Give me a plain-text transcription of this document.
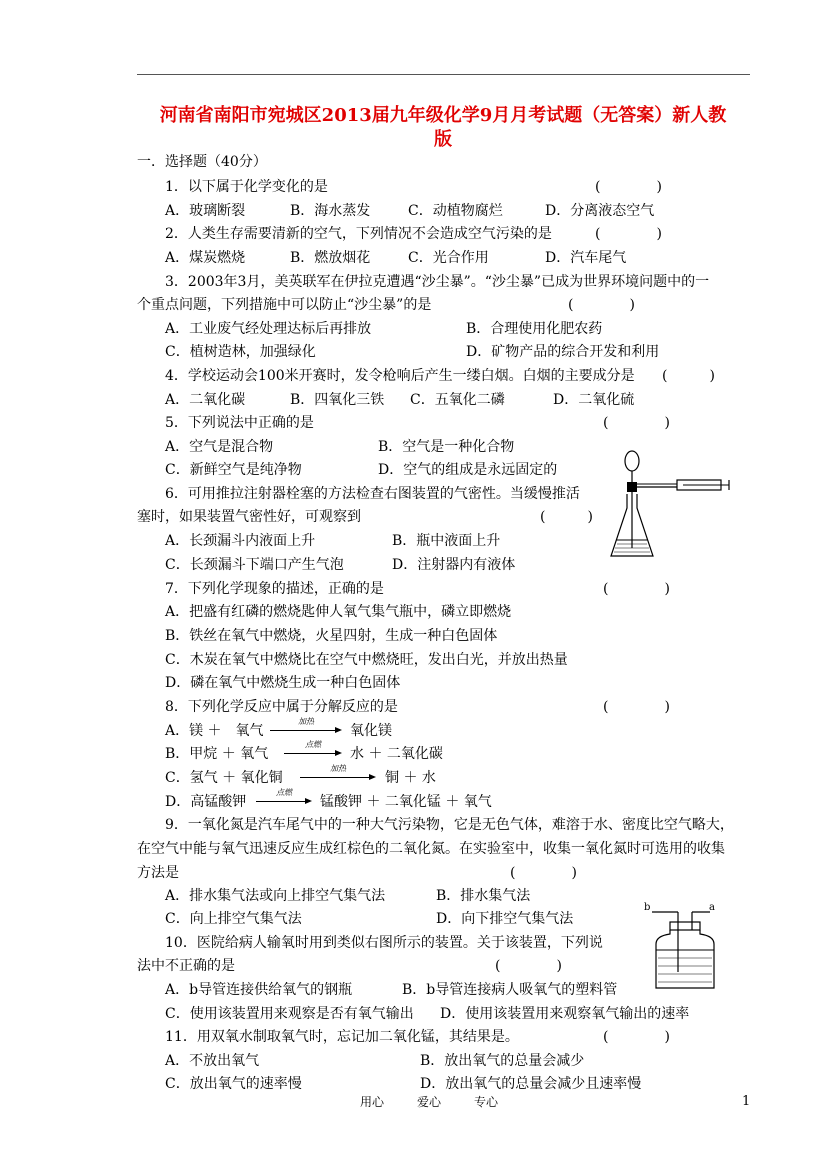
河南省南阳市宛城区2013届九年级化学9月月考试题（无答案）新人教
版
一．选择题（40分）
1．以下属于化学变化的是	(　　　　)
A．玻璃断裂	B．海水蒸发	C．动植物腐烂	D．分离液态空气
2．人类生存需要清新的空气，下列情况不会造成空气污染的是	(　　　　)
A．煤炭燃烧	B．燃放烟花	C．光合作用	D．汽车尾气
3．2003年3月，美英联军在伊拉克遭遇“沙尘暴”。“沙尘暴”已成为世界环境问题中的一
个重点问题，下列措施中可以防止“沙尘暴”的是	(　　　　)
A．工业废气经处理达标后再排放	B．合理使用化肥农药
C．植树造林，加强绿化	D．矿物产品的综合开发和利用
4．学校运动会100米开赛时，发令枪响后产生一缕白烟。白烟的主要成分是 (　　　)
A．二氧化碳	B．四氧化三铁 C．五氧化二磷	D．二氧化硫
5．下列说法中正确的是	(　　　　)
A．空气是混合物	B．空气是一种化合物
C．新鲜空气是纯净物	D．空气的组成是永远固定的
6．可用推拉注射器栓塞的方法检查右图装置的气密性。当缓慢推活
塞时，如果装置气密性好，可观察到	(　　　)
A．长颈漏斗内液面上升	B．瓶中液面上升
C．长颈漏斗下端口产生气泡	D．注射器内有液体
7．下列化学现象的描述，正确的是	(　　　　)
A．把盛有红磷的燃烧匙伸人氧气集气瓶中，磷立即燃烧
B．铁丝在氧气中燃烧，火星四射，生成一种白色固体
C．木炭在氧气中燃烧比在空气中燃烧旺，发出白光，并放出热量
D．磷在氧气中燃烧生成一种白色固体
8．下列化学反应中属于分解反应的是	(　　　　)
A．镁 ＋　氧气
加热
氧化镁
B．甲烷 ＋ 氧气
点燃
水 ＋ 二氧化碳
C．氢气 ＋ 氧化铜
加热
铜 ＋ 水
D．高锰酸钾
点燃
锰酸钾 ＋ 二氧化锰 ＋ 氧气
9．一氧化氮是汽车尾气中的一种大气污染物，它是无色气体，难溶于水、密度比空气略大，
在空气中能与氧气迅速反应生成红棕色的二氧化氮。在实验室中，收集一氧化氮时可选用的收集
方法是	(　　　　)
A．排水集气法或向上排空气集气法	B．排水集气法
C．向上排空气集气法	D．向下排空气集气法
b	a
10．医院给病人输氧时用到类似右图所示的装置。关于该装置，下列说
法中不正确的是	(　　　　)
A．b导管连接供给氧气的钢瓶	B．b导管连接病人吸氧气的塑料管
C．使用该装置用来观察是否有氧气输出 D．使用该装置用来观察氧气输出的速率
11．用双氧水制取氧气时，忘记加二氧化锰，其结果是。	(　　　　)
A．不放出氧气	B．放出氧气的总量会减少
C．放出氧气的速率慢	D．放出氧气的总量会减少且速率慢
用心	爱心	专心	1
